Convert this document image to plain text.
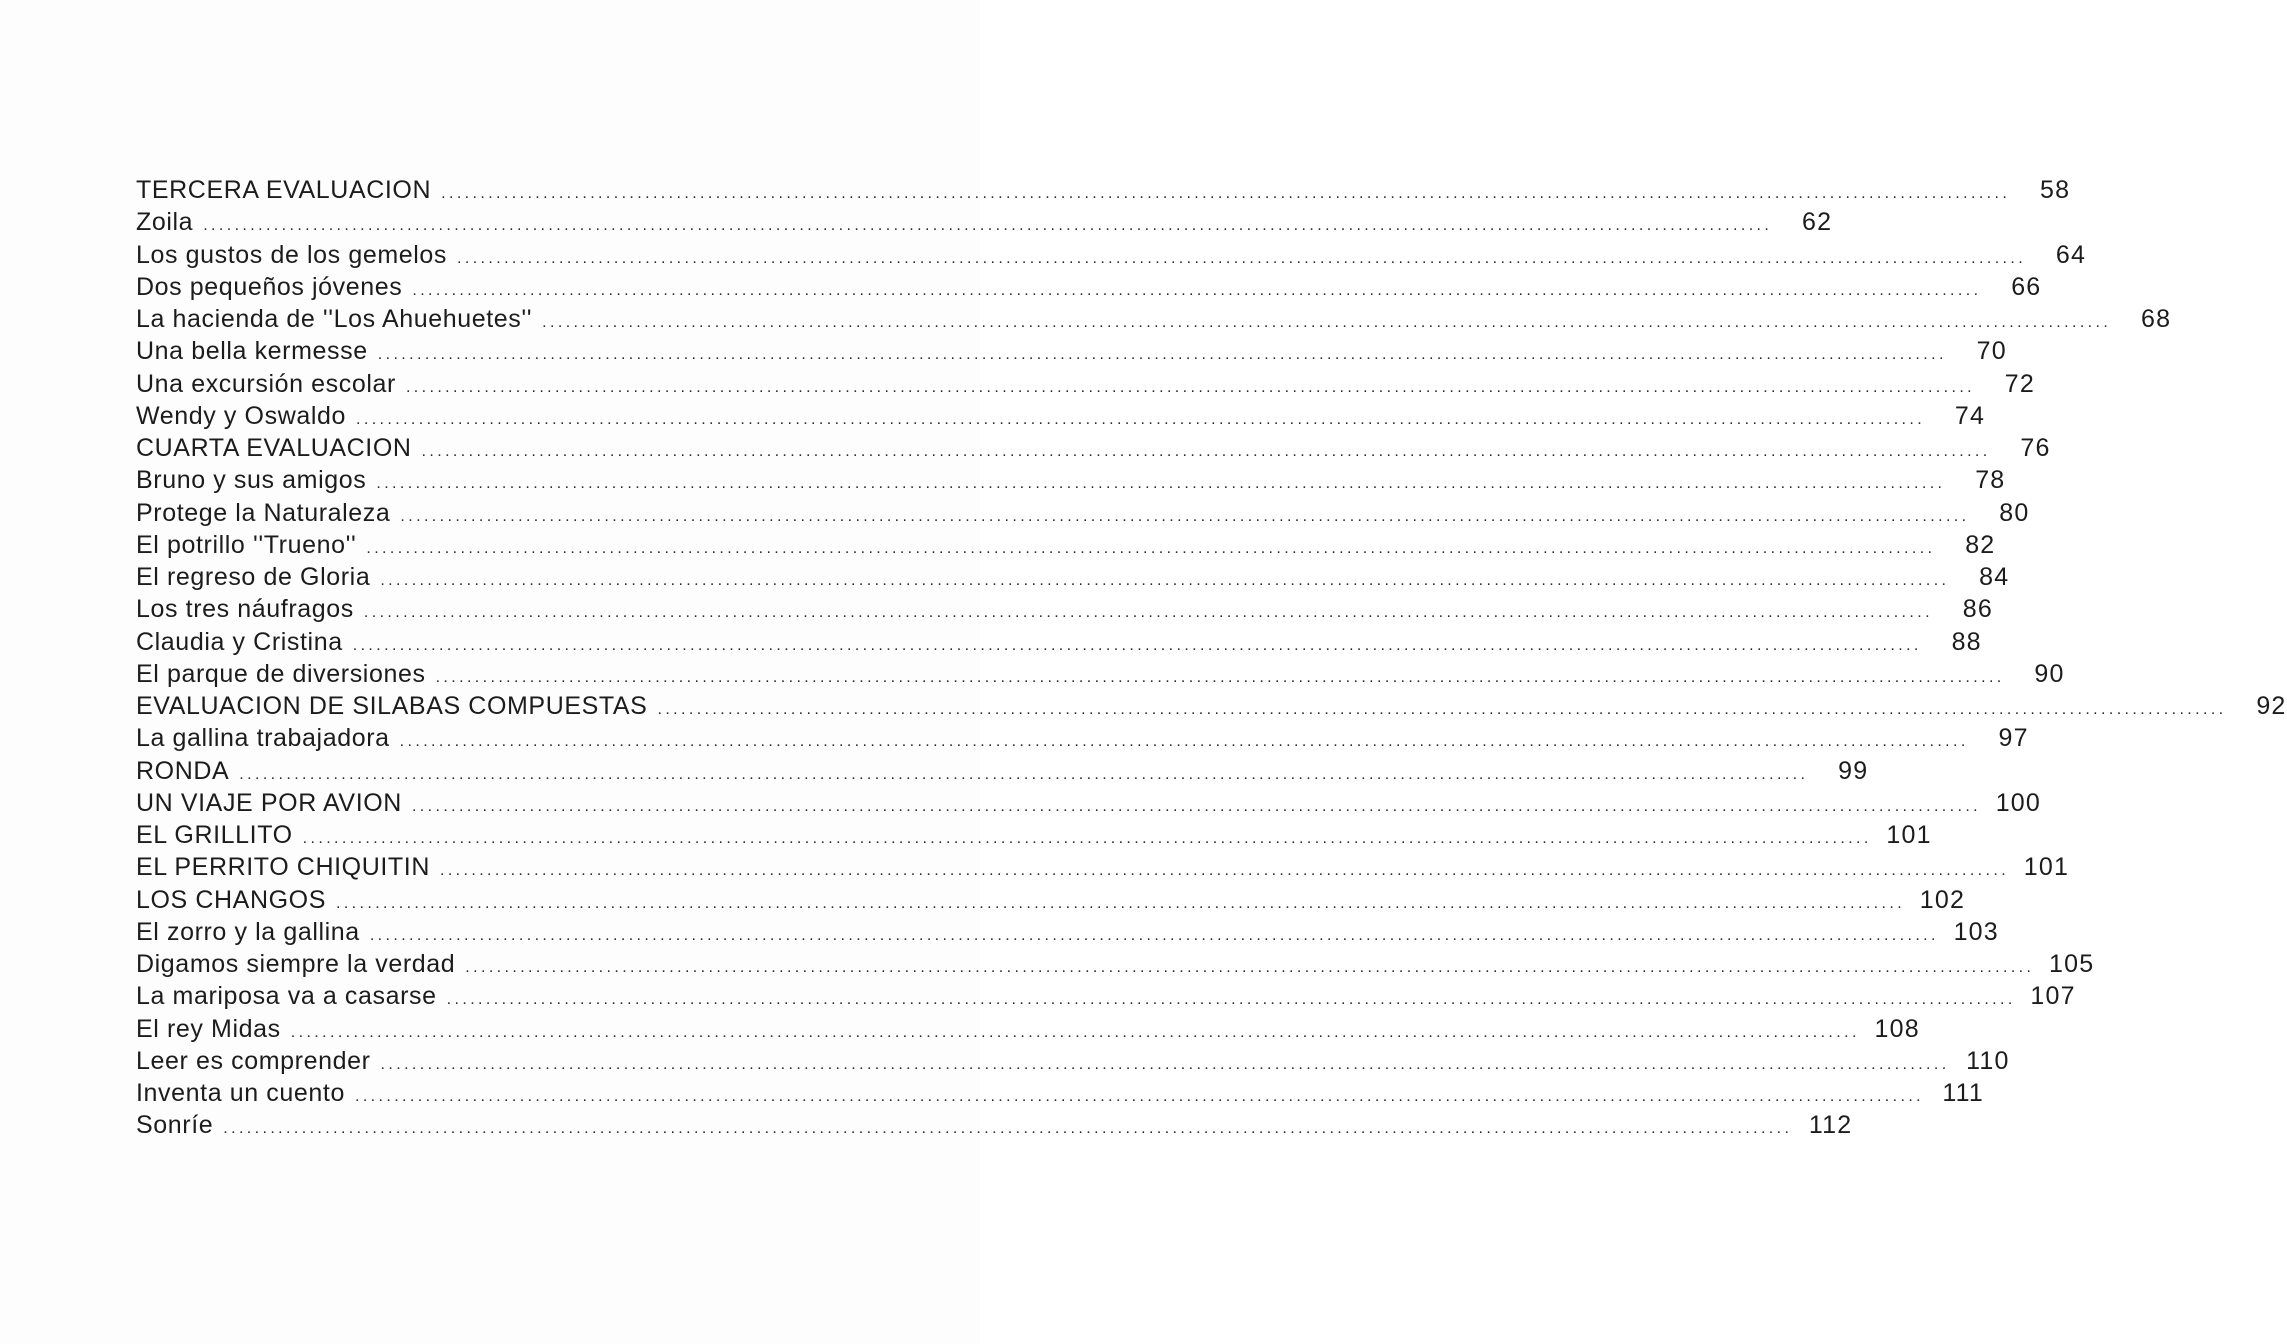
TERCERA EVALUACION ........................................................................................................................................................................................................	58
Zoila ........................................................................................................................................................................................................	62
Los gustos de los gemelos ........................................................................................................................................................................................................	64
Dos pequeños jóvenes ........................................................................................................................................................................................................	66
La hacienda de ''Los Ahuehuetes'' ........................................................................................................................................................................................................	68
Una bella kermesse ........................................................................................................................................................................................................	70
Una excursión escolar ........................................................................................................................................................................................................	72
Wendy y Oswaldo ........................................................................................................................................................................................................	74
CUARTA EVALUACION ........................................................................................................................................................................................................	76
Bruno y sus amigos ........................................................................................................................................................................................................	78
Protege la Naturaleza ........................................................................................................................................................................................................	80
El potrillo ''Trueno'' ........................................................................................................................................................................................................	82
El regreso de Gloria ........................................................................................................................................................................................................	84
Los tres náufragos ........................................................................................................................................................................................................	86
Claudia y Cristina ........................................................................................................................................................................................................	88
El parque de diversiones ........................................................................................................................................................................................................	90
EVALUACION DE SILABAS COMPUESTAS ........................................................................................................................................................................................................	92
La gallina trabajadora ........................................................................................................................................................................................................	97
RONDA ........................................................................................................................................................................................................	99
UN VIAJE POR AVION ........................................................................................................................................................................................................ 100
EL GRILLITO ........................................................................................................................................................................................................ 101
EL PERRITO CHIQUITIN ........................................................................................................................................................................................................ 101
LOS CHANGOS ........................................................................................................................................................................................................ 102
El zorro y la gallina ........................................................................................................................................................................................................ 103
Digamos siempre la verdad ........................................................................................................................................................................................................ 105
La mariposa va a casarse ........................................................................................................................................................................................................ 107
El rey Midas ........................................................................................................................................................................................................ 108
Leer es comprender ........................................................................................................................................................................................................ 110
Inventa un cuento ........................................................................................................................................................................................................ 111
Sonríe ........................................................................................................................................................................................................ 112
